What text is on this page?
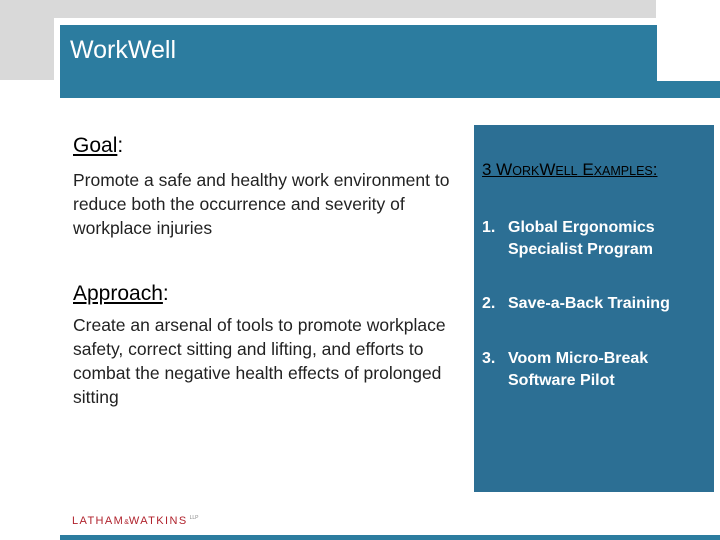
WorkWell
Goal:

Promote a safe and healthy work environment to reduce both the occurrence and severity of workplace injuries

Approach:

Create an arsenal of tools to promote workplace safety, correct sitting and lifting, and efforts to combat the negative health effects of prolonged sitting

3 WORKWELL EXAMPLES:
1. Global Ergonomics Specialist Program
2. Save-a-Back Training
3. Voom Micro-Break Software Pilot
LATHAM&WATKINS $^{LLP}$
